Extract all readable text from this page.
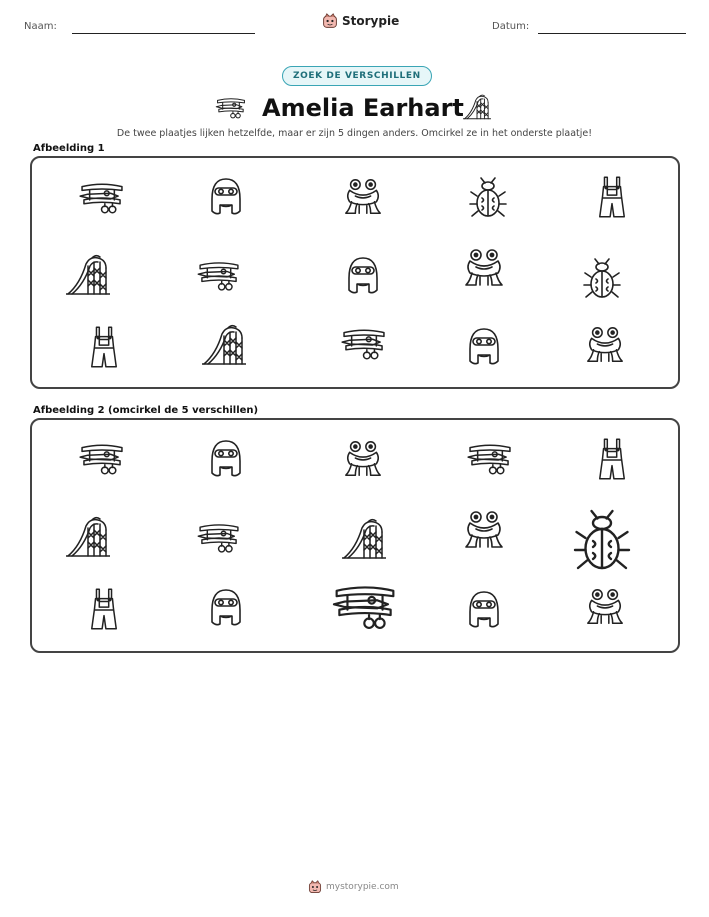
Naam:	Storypie	Datum:
ZOEK DE VERSCHILLEN
Amelia Earhart
De twee plaatjes lijken hetzelfde, maar er zijn 5 dingen anders. Omcirkel ze in het onderste plaatje!
Afbeelding 1
Afbeelding 2 (omcirkel de 5 verschillen)
mystorypie.com
